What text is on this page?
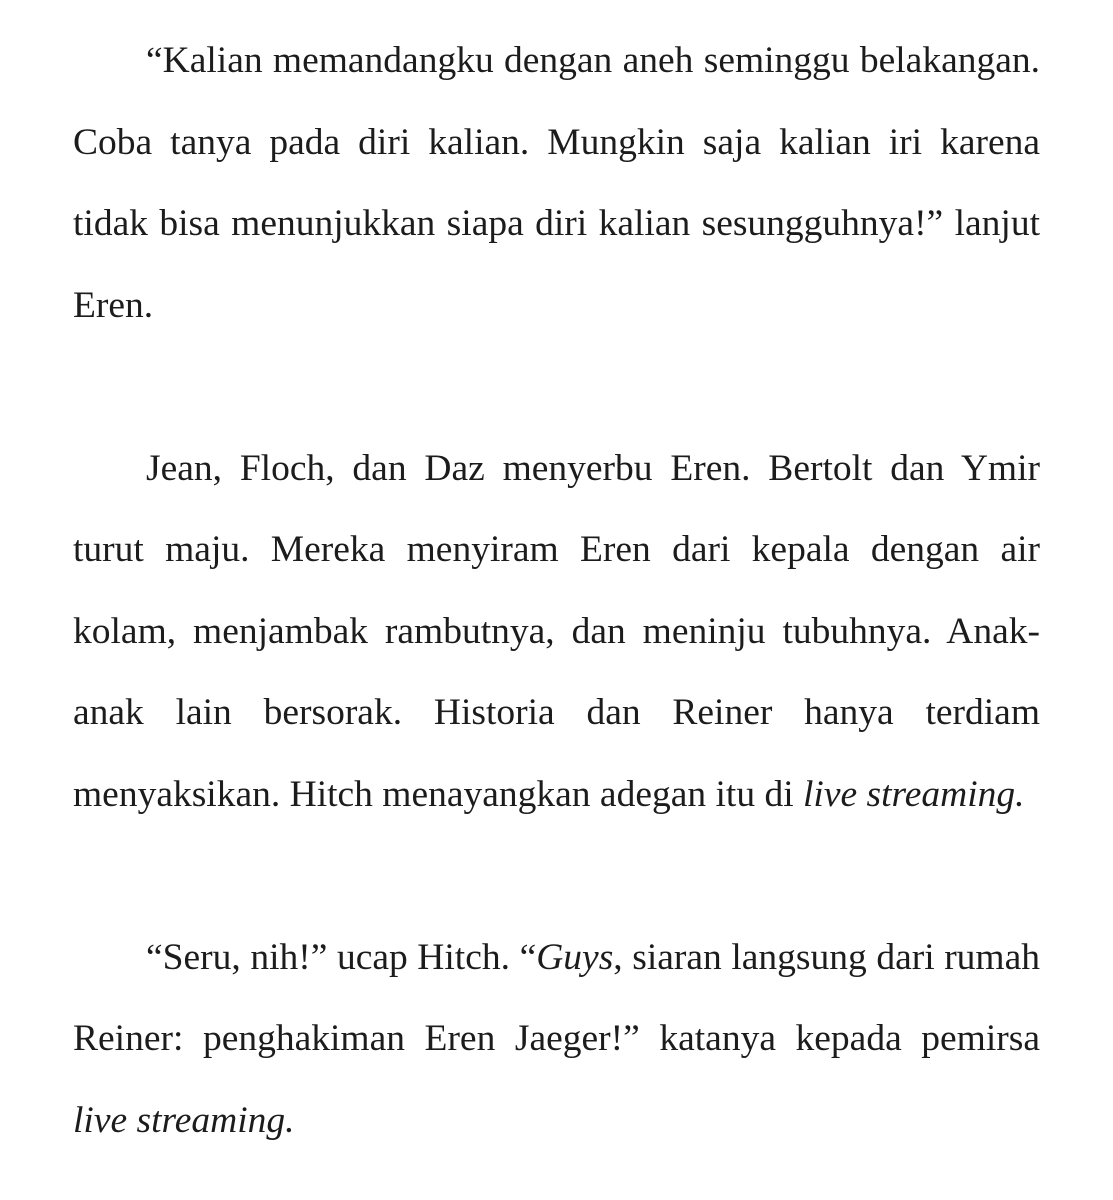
“Kalian memandangku dengan aneh seminggu belakangan. Coba tanya pada diri kalian. Mungkin saja kalian iri karena tidak bisa menunjukkan siapa diri kalian sesungguhnya!” lanjut Eren.

Jean, Floch, dan Daz menyerbu Eren. Bertolt dan Ymir turut maju. Mereka menyiram Eren dari kepala dengan air kolam, menjambak rambutnya, dan meninju tubuhnya. Anak-anak lain bersorak. Historia dan Reiner hanya terdiam menyaksikan. Hitch menayangkan adegan itu di live streaming.

“Seru, nih!” ucap Hitch. “Guys, siaran langsung dari rumah Reiner: penghakiman Eren Jaeger!” katanya kepada pemirsa live streaming.
